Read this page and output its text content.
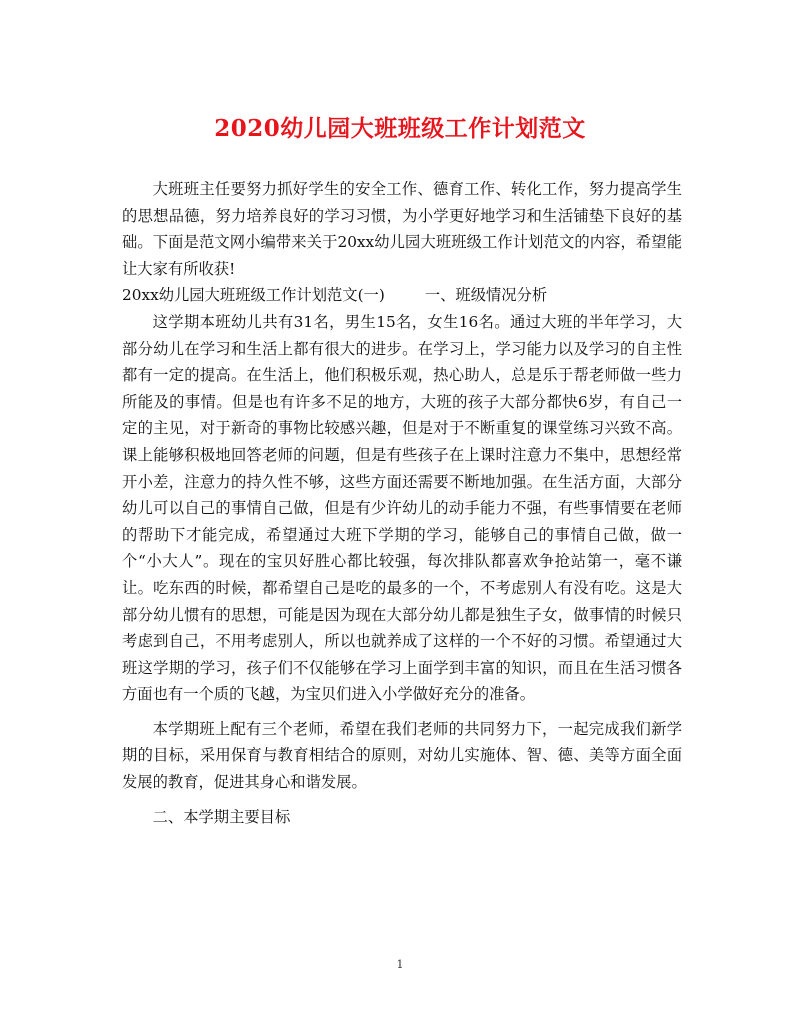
2020幼儿园大班班级工作计划范文

大班班主任要努力抓好学生的安全工作、德育工作、转化工作，努力提高学生的思想品德，努力培养良好的学习习惯，为小学更好地学习和生活铺垫下良好的基础。下面是范文网小编带来关于20xx幼儿园大班班级工作计划范文的内容，希望能让大家有所收获!

20xx幼儿园大班班级工作计划范文(一)	一、班级情况分析

这学期本班幼儿共有31名，男生15名，女生16名。通过大班的半年学习，大部分幼儿在学习和生活上都有很大的进步。在学习上，学习能力以及学习的自主性都有一定的提高。在生活上，他们积极乐观，热心助人，总是乐于帮老师做一些力所能及的事情。但是也有许多不足的地方，大班的孩子大部分都快6岁，有自己一定的主见，对于新奇的事物比较感兴趣，但是对于不断重复的课堂练习兴致不高。课上能够积极地回答老师的问题，但是有些孩子在上课时注意力不集中，思想经常开小差，注意力的持久性不够，这些方面还需要不断地加强。在生活方面，大部分幼儿可以自己的事情自己做，但是有少许幼儿的动手能力不强，有些事情要在老师的帮助下才能完成，希望通过大班下学期的学习，能够自己的事情自己做，做一个“小大人”。现在的宝贝好胜心都比较强，每次排队都喜欢争抢站第一，毫不谦让。吃东西的时候，都希望自己是吃的最多的一个，不考虑别人有没有吃。这是大部分幼儿惯有的思想，可能是因为现在大部分幼儿都是独生子女，做事情的时候只考虑到自己，不用考虑别人，所以也就养成了这样的一个不好的习惯。希望通过大班这学期的学习，孩子们不仅能够在学习上面学到丰富的知识，而且在生活习惯各方面也有一个质的飞越，为宝贝们进入小学做好充分的准备。

本学期班上配有三个老师，希望在我们老师的共同努力下，一起完成我们新学期的目标，采用保育与教育相结合的原则，对幼儿实施体、智、德、美等方面全面发展的教育，促进其身心和谐发展。

二、本学期主要目标

1
